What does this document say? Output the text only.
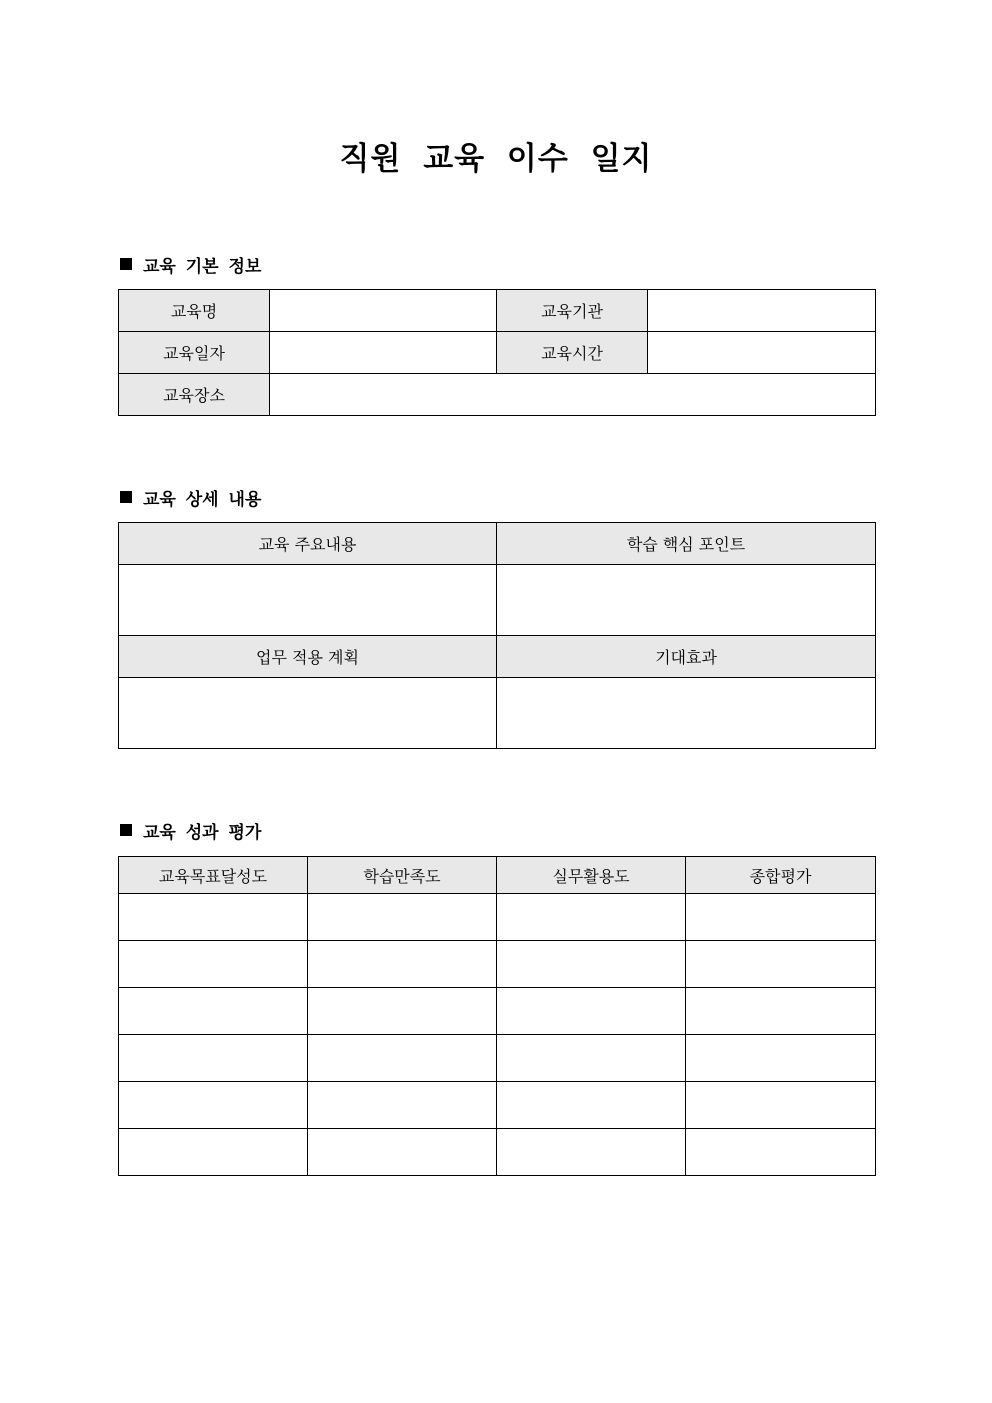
직원 교육 이수 일지
교육 기본 정보
교육명		교육기관	
교육일자		교육시간	
교육장소			
교육 상세 내용
교육 주요내용	학습 핵심 포인트

업무 적용 계획	기대효과

교육 성과 평가
교육목표달성도	학습만족도	실무활용도	종합평가
